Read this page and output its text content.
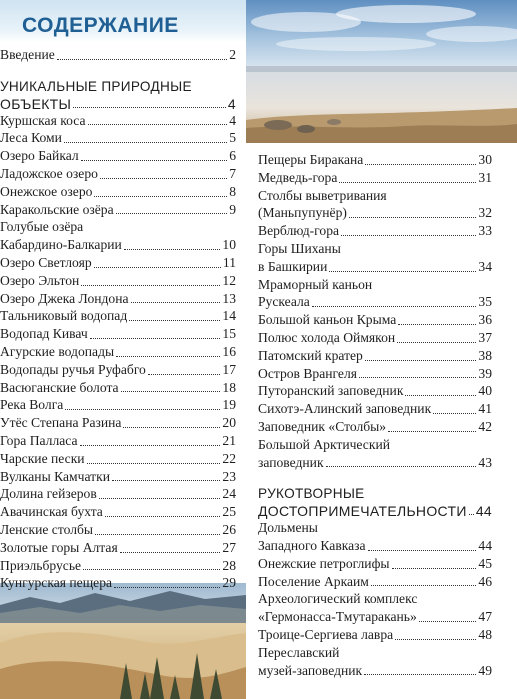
СОДЕРЖАНИЕ
Введение	2
УНИКАЛЬНЫЕ ПРИРОДНЫЕ
ОБЪЕКТЫ	4
Куршская коса	4
Леса Коми	5
Озеро Байкал	6
Ладожское озеро	7
Онежское озеро	8
Каракольские озёра	9
Голубые озёра
Кабардино-Балкарии	10
Озеро Светлояр	11
Озеро Эльтон	12
Озеро Джека Лондона	13
Тальниковый водопад	14
Водопад Кивач	15
Агурские водопады	16
Водопады ручья Руфабго	17
Васюганские болота	18
Река Волга	19
Утёс Степана Разина	20
Гора Палласа	21
Чарские пески	22
Вулканы Камчатки	23
Долина гейзеров	24
Авачинская бухта	25
Ленские столбы	26
Золотые горы Алтая	27
Приэльбрусье	28
Кунгурская пещера	29
Пещеры Биракана	30
Медведь-гора	31
Столбы выветривания
(Маньпупунёр)	32
Верблюд-гора	33
Горы Шиханы
в Башкирии	34
Мраморный каньон
Рускеала	35
Большой каньон Крыма	36
Полюс холода Оймякон	37
Патомский кратер	38
Остров Врангеля	39
Путоранский заповедник	40
Сихотэ-Алинский заповедник	41
Заповедник «Столбы»	42
Большой Арктический
заповедник	43
РУКОТВОРНЫЕ
ДОСТОПРИМЕЧАТЕЛЬНОСТИ 44
Дольмены
Западного Кавказа	44
Онежские петроглифы	45
Поселение Аркаим	46
Археологический комплекс
«Гермонасса-Тмутаракань»	47
Троице-Сергиева лавра	48
Переславский
музей-заповедник	49
